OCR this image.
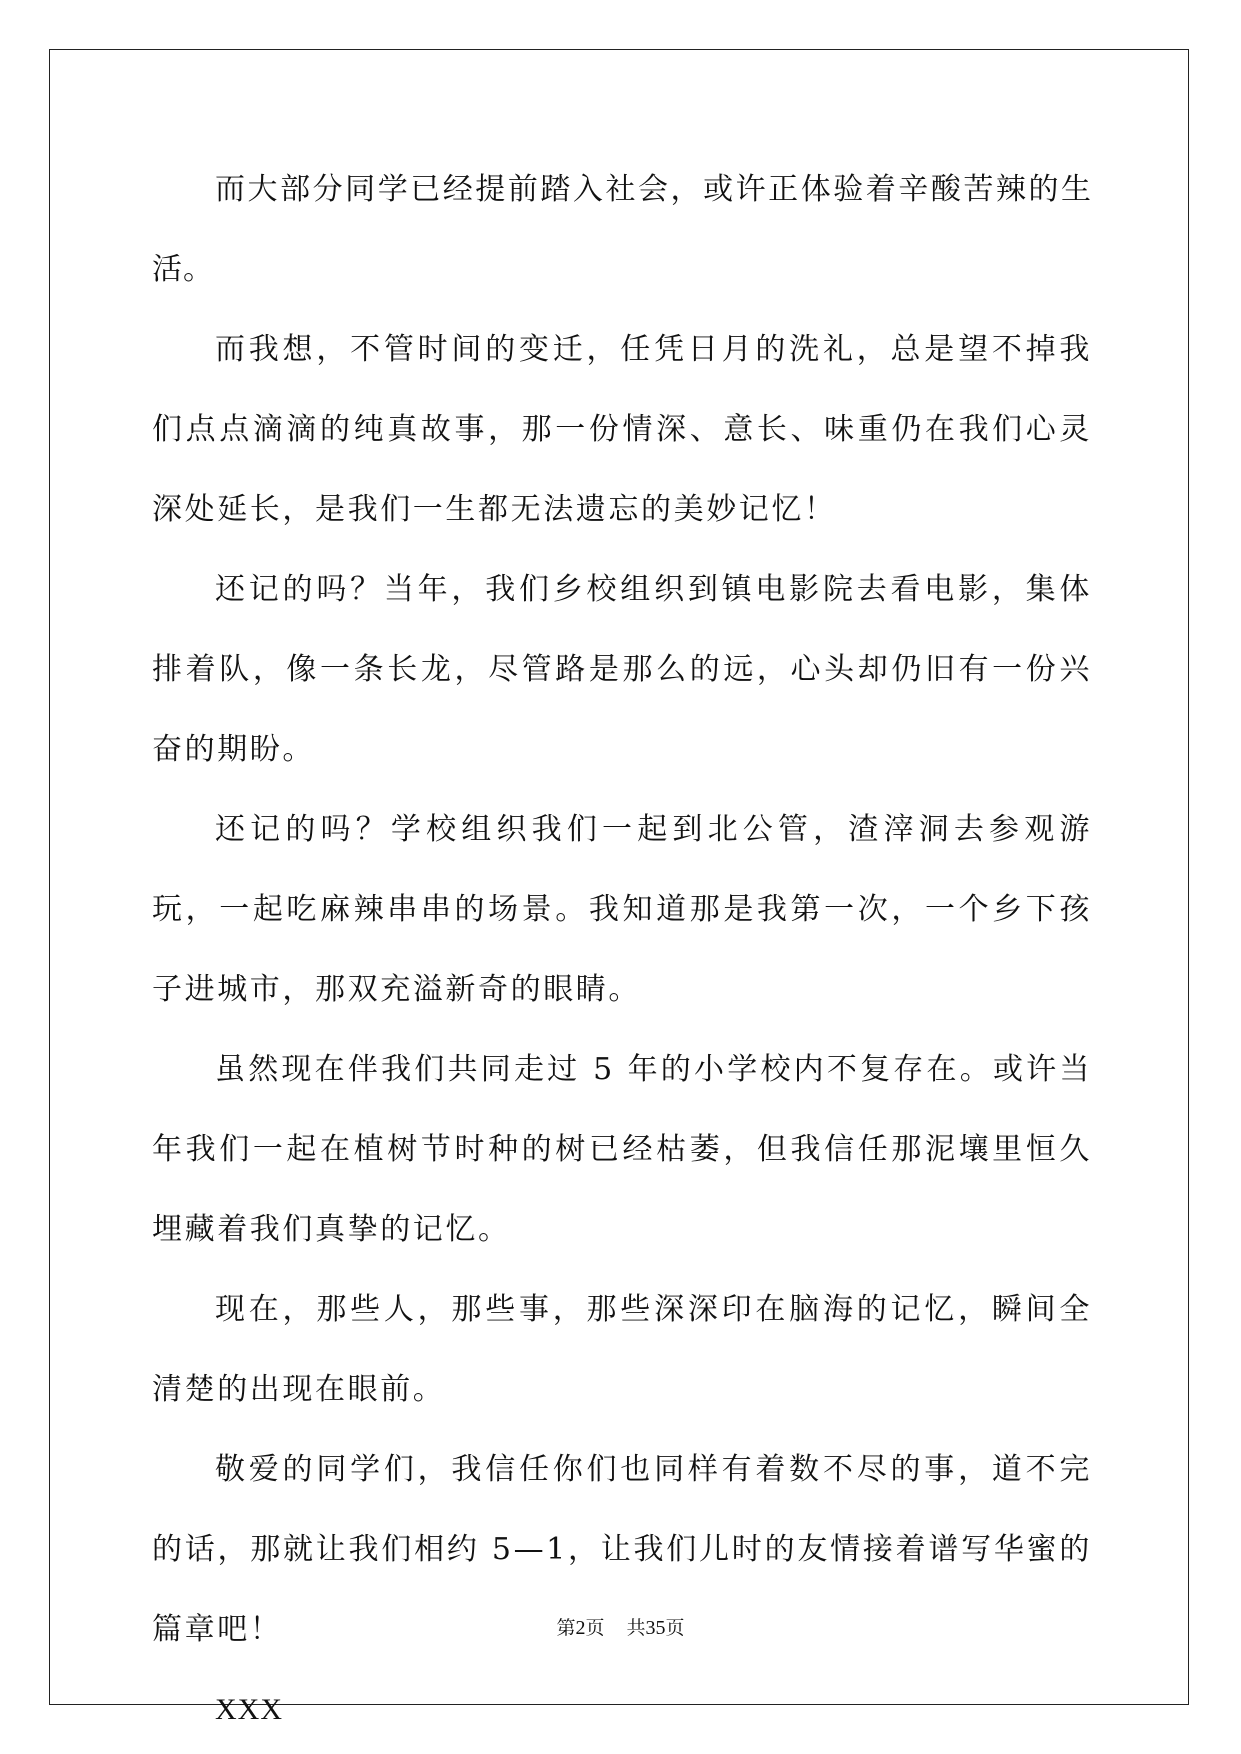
而大部分同学已经提前踏入社会，或许正体验着辛酸苦辣的生活。

而我想，不管时间的变迁，任凭日月的洗礼，总是望不掉我们点点滴滴的纯真故事，那一份情深、意长、味重仍在我们心灵深处延长，是我们一生都无法遗忘的美妙记忆！

还记的吗？当年，我们乡校组织到镇电影院去看电影，集体排着队，像一条长龙，尽管路是那么的远，心头却仍旧有一份兴奋的期盼。

还记的吗？学校组织我们一起到北公管，渣滓洞去参观游玩，一起吃麻辣串串的场景。我知道那是我第一次，一个乡下孩子进城市，那双充溢新奇的眼睛。

虽然现在伴我们共同走过 5 年的小学校内不复存在。或许当年我们一起在植树节时种的树已经枯萎，但我信任那泥壤里恒久埋藏着我们真挚的记忆。

现在，那些人，那些事，那些深深印在脑海的记忆，瞬间全清楚的出现在眼前。

敬爱的同学们，我信任你们也同样有着数不尽的事，道不完的话，那就让我们相约 5—1，让我们儿时的友情接着谱写华蜜的篇章吧！

XXX

第2页 共35页
